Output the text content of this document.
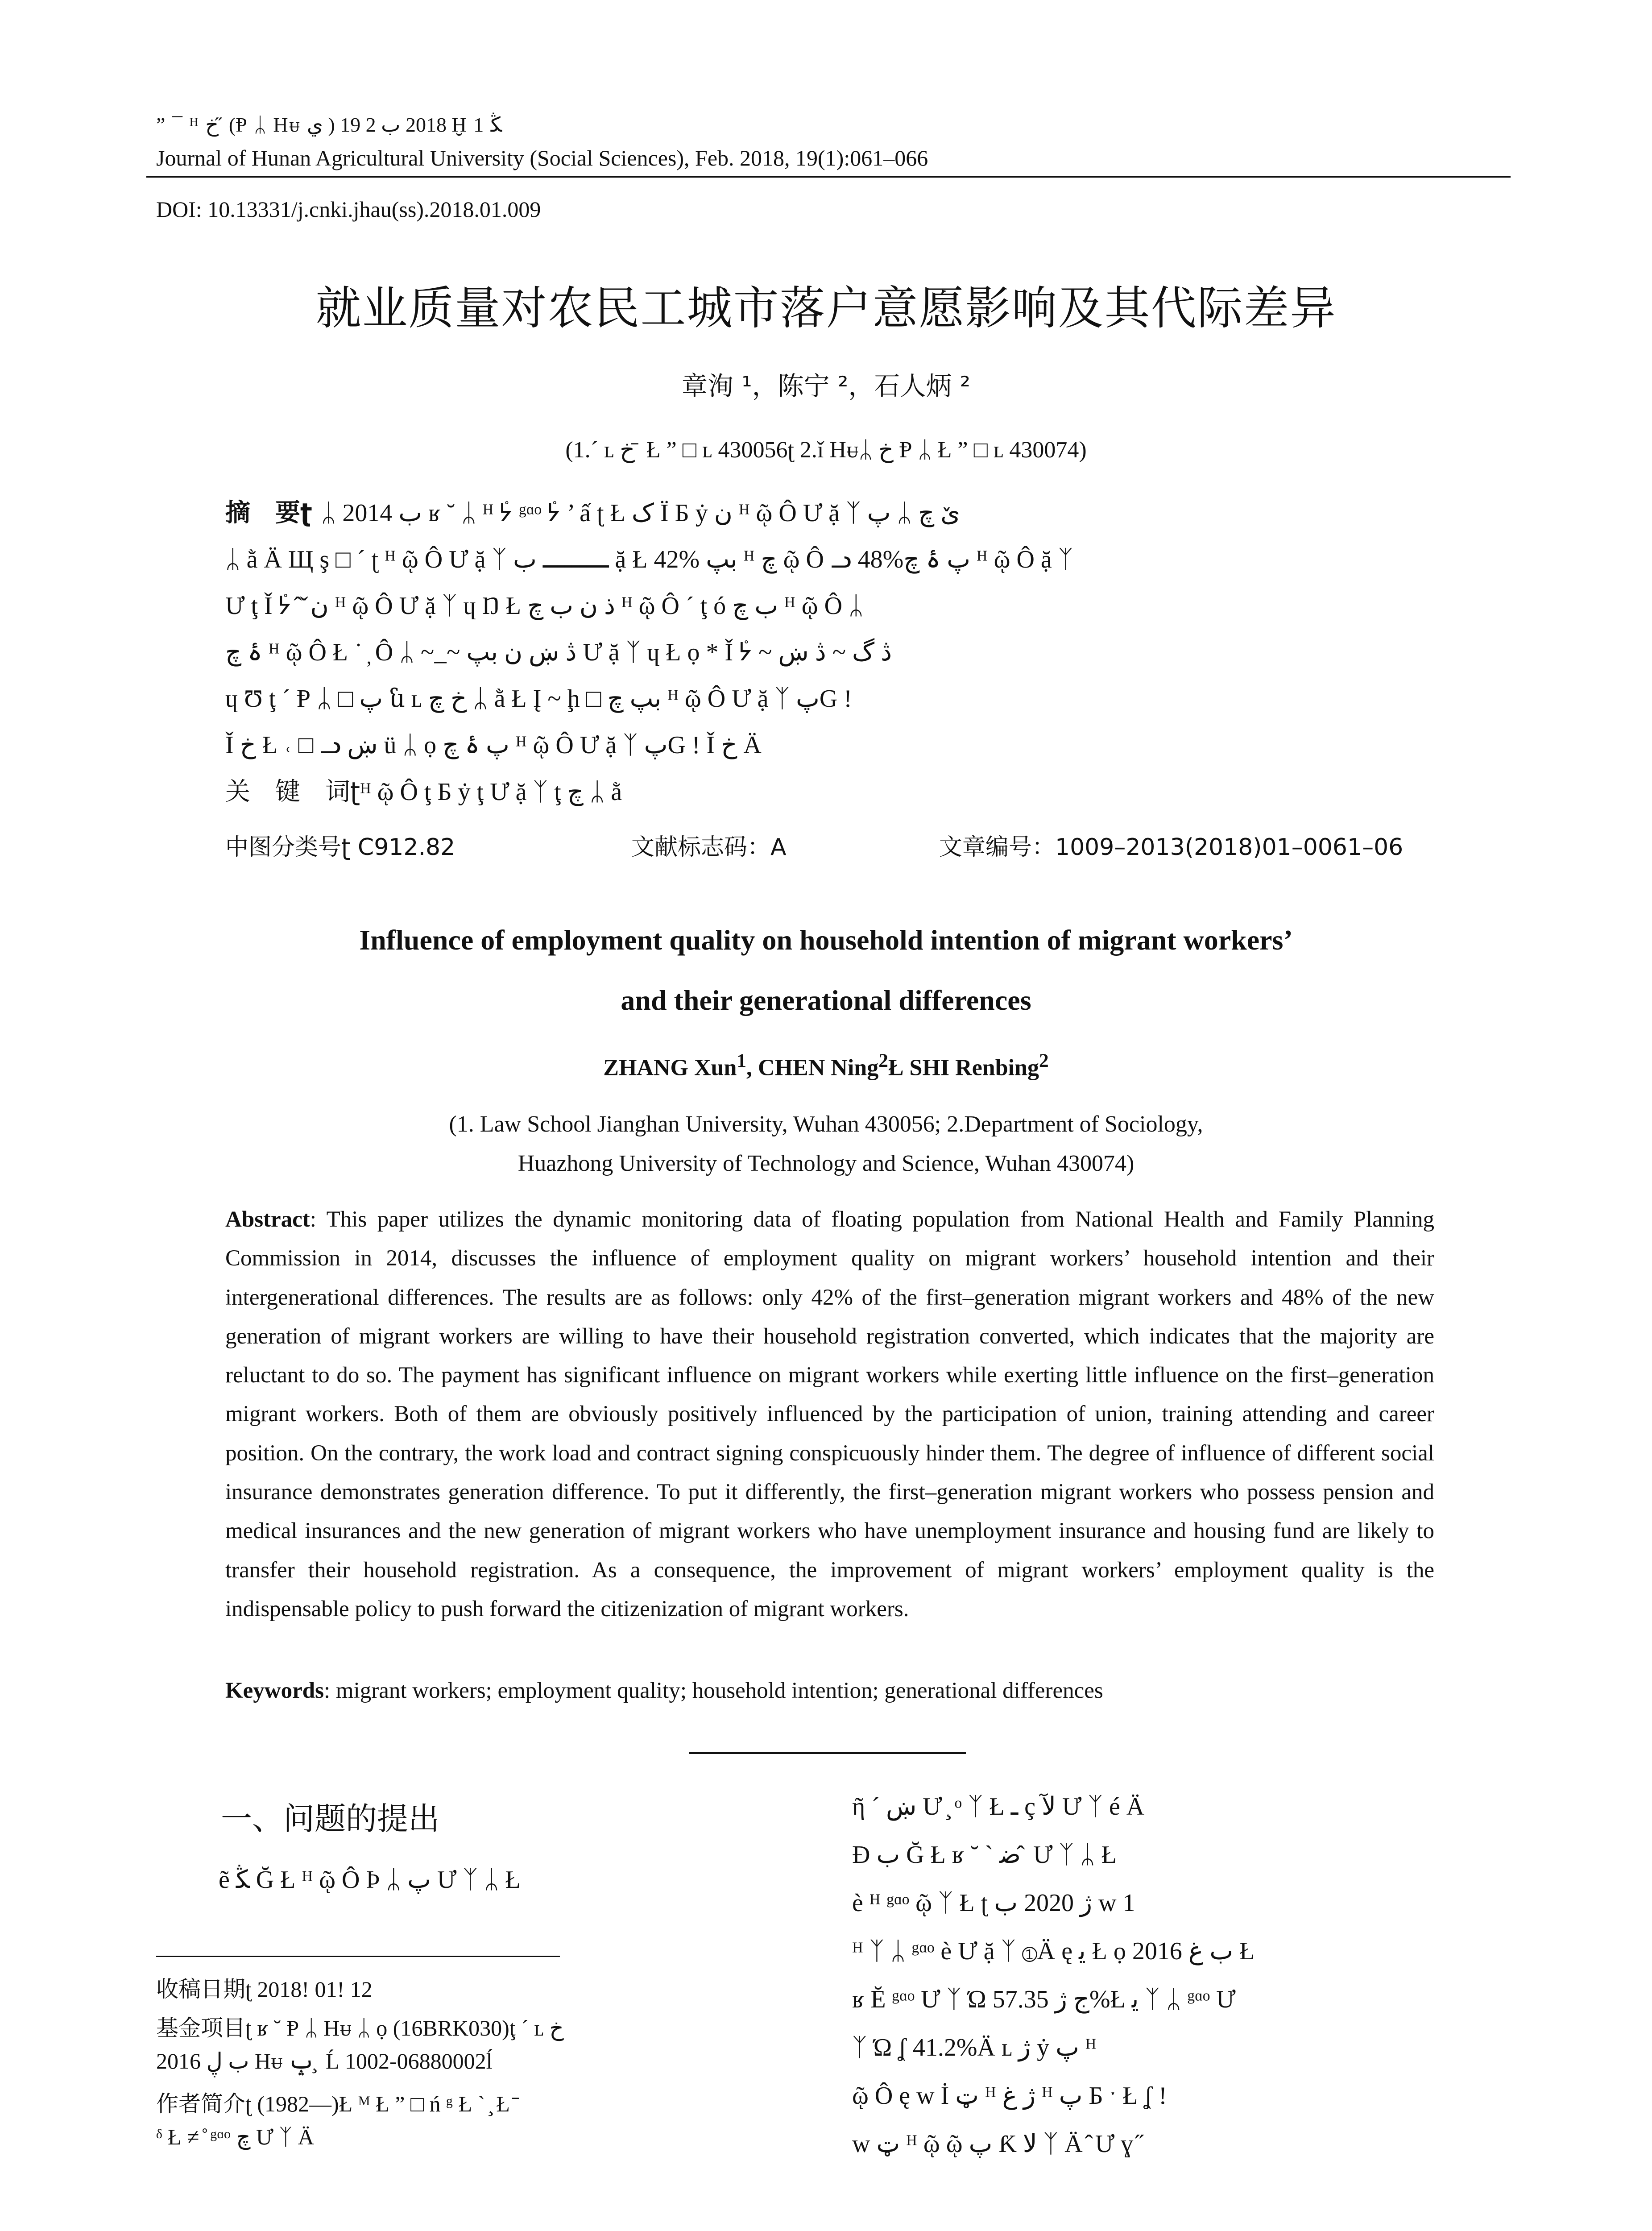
” ¯ ᴴ خ ̋ (Ᵽ ᛦ Hᵾ ي ) 2018 ب 2 19 Ḫ 1 ﯖ
Journal of Hunan Agricultural University (Social Sciences), Feb. 2018, 19(1):061–066
DOI: 10.13331/j.cnki.jhau(ss).2018.01.009
就业质量对农民工城市落户意愿影响及其代际差异
章洵 ¹，陈宁 ²，石人炳 ²
(1.ˊ ʟ خ ̄ Ł ” □ ʟ 430056ʈ 2.ǐ Hᵾᛦ خ Ᵽ ᛦ Ł ” □ ʟ 430074)
摘　要ʈ ᛦ 2014 ب ʁ ˘ ᛦ ᴴ ᣄ ᵍᵅᵒ ᣄ ’ ấ ʈ Ł ک Ϊ Ƃ ẏ ن ᴴ ῷ Ô Ư ặ ᛉ پ ᛦ ێ چ
ᛦ ằ Ä Щ ş □ ˊ ʈ ᴴ ῷ Ô Ư ặ ᛉ ـــــــــ ب ặ Ł 42% بپ ᴴ چ ῷ Ô ᓗ 48%پ ۂ چ ᴴ ῷ Ô ặ ᛉ
Ư ţ Ǐ ᣄ ̂ ̌ ن ᴴ ῷ Ô Ư ặ ᛉ ɥ Ŋ Ł ذ ن ب چ ᴴ ῷ Ô ˊ ţ ó ب چ ᴴ ῷ Ô ᛦ
ۂ چ ᴴ ῷ Ô Ł ˙ ̦ Ô ᛦ ~ ̲ ~ ڎ ښ ن بپ Ư ặ ᛉ ɥ Ł ọ * Ǐ ᣄ ~ ڎ گ ~ ڎ ښ
ɥ Ʊ ţ ˊ Ᵽ ᛦ □ پ ն ʟ خ چ ᛦ ằ Ł Į ~ ḩ □ بپ چ ᴴ ῷ Ô Ư ặ ᛉ پG !
Ǐ خ Ł ˓ □ ᓗ ښ ü ᛦ ọ پ ۂ چ ᴴ ῷ Ô Ư ặ ᛉ پG ! Ǐ خ Ä
关　键　词ʈᴴ ῷ Ô ţ Ƃ ẏ ţ Ư ặ ᛉ ţ چ ᛦ ằ
中图分类号ʈ C912.82	文献标志码：A	文章编号：1009–2013(2018)01–0061–06
Influence of employment quality on household intention of migrant workers’
and their generational differences
ZHANG Xun$^1$, CHEN Ning$^2$Ł SHI Renbing$^2$
(1. Law School Jianghan University, Wuhan 430056; 2.Department of Sociology,
Huazhong University of Technology and Science, Wuhan 430074)
Abstract: This paper utilizes the dynamic monitoring data of floating population from National Health and Family Planning Commission in 2014, discusses the influence of employment quality on migrant workers’ household intention and their intergenerational differences. The results are as follows: only 42% of the first–generation migrant workers and 48% of the new generation of migrant workers are willing to have their household registration converted, which indicates that the majority are reluctant to do so. The payment has significant influence on migrant workers while exerting little influence on the first–generation migrant workers. Both of them are obviously positively influenced by the participation of union, training attending and career position. On the contrary, the work load and contract signing conspicuously hinder them. The degree of influence of different social insurance demonstrates generation difference. To put it differently, the first–generation migrant workers who possess pension and medical insurances and the new generation of migrant workers who have unemployment insurance and housing fund are likely to transfer their household registration. As a consequence, the improvement of migrant workers’ employment quality is the indispensable policy to push forward the citizenization of migrant workers.
Keywords: migrant workers; employment quality; household intention; generational differences
一、问题的提出
ẽ ﯖ Ğ Ł ᴴ ῷ Ô Ϸ ᛦ پ Ư ᛉ ᛦ Ł
收稿日期ʈ 2018ǃ 01ǃ 12
基金项目ʈ ʁ ˘ Ᵽ ᛦ Hᵾ ᛦ ọ (16BRK030)ţ ˊ ʟ خ
2016 ب ڸ Hᵾ ݒ ̧ Ĺ 1002-06880002ĺ
作者简介ʈ (1982—)Ł ᴹ Ł ” □ ń ᵍ Ł ˋ ̧ Ł ̄
ᵟ Ł ≠ ̊ ᵍᵅᵒ چ Ư ᛉ Ä
ῆ ˊ ښ Ư ̧ ᵒ ᛉ Ł ـ ç ﻵ Ư ᛉ é Ä
Ɖ ب Ğ Ł ʁ ˘ ˋ ﺿ ̂ Ư ᛉ ᛦ Ł
è ᴴ ᵍᵅᵒ ῷ ᛉ Ł ʈ ژ 2020 ب ᴡ 1
ᴴ ᛉ ᛦ ᵍᵅᵒ è Ư ặ ᛉ ①Ä ę ﻳ Ł ọ 2016 ب غ Ł
ʁ Ĕ ᵍᵅᵒ Ư ᛉ Ώ ج ژ 57.35%Ł ﻳ ᛉ ᛦ ᵍᵅᵒ Ư
ᛉ Ώ ʆ 41.2%Ä ʟ ژ ẏ پ ᴴ
ῷ Ô ę ᴡ İ ټ ᴴ ژ غ ᴴ پ Ƃ ˑ Ł ʆ !
ᴡ ټ ᴴ ῷ ῷ پ Ƙ ﻻ ᛉ Ä ̂ Ư ɣ ̋
